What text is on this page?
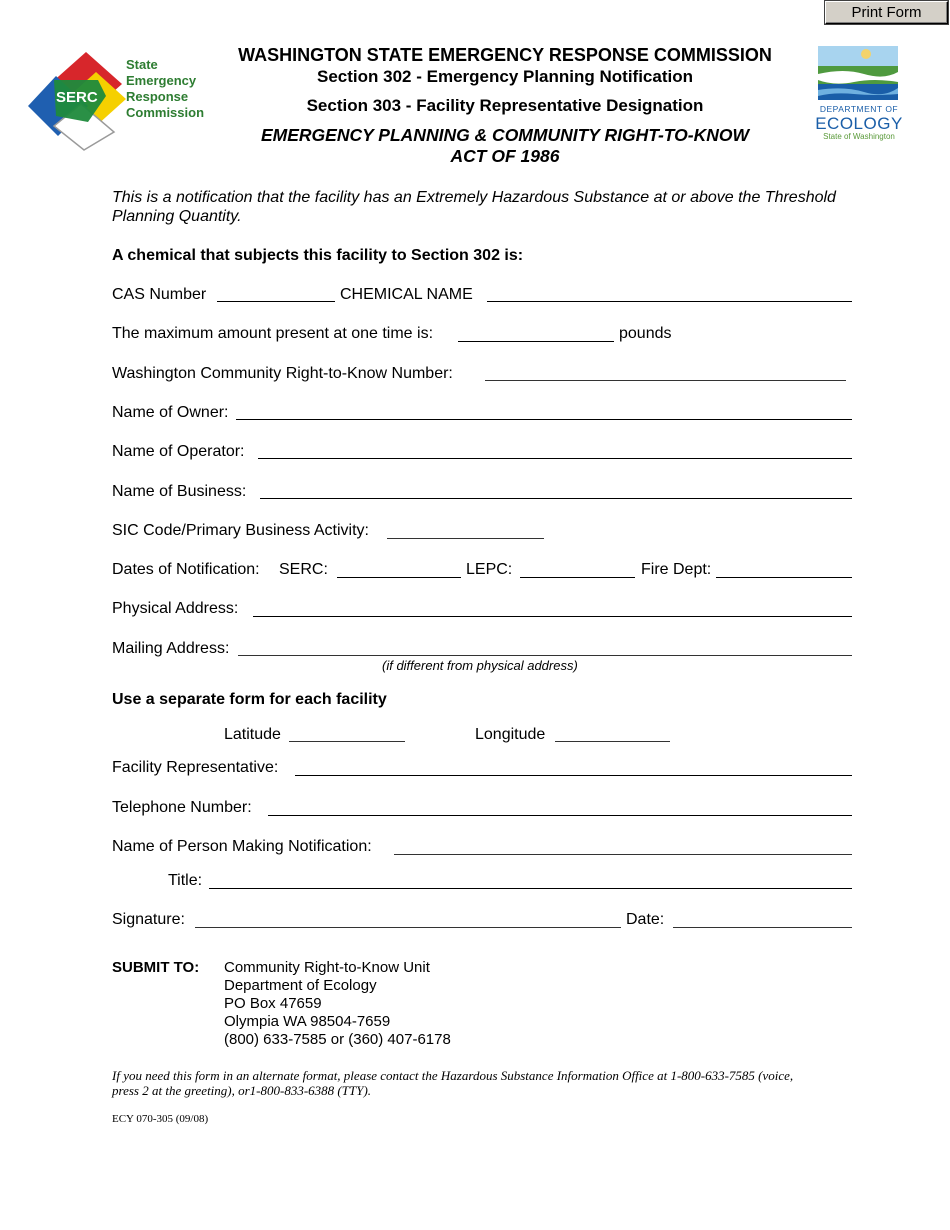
Print Form
SERC
State
Emergency
Response
Commission	DEPARTMENT OF
ECOLOGY
State of Washington
WASHINGTON STATE EMERGENCY RESPONSE COMMISSION
Section 302 - Emergency Planning Notification
Section 303 - Facility Representative Designation
EMERGENCY PLANNING & COMMUNITY RIGHT-TO-KNOW
ACT OF 1986
This is a notification that the facility has an Extremely Hazardous Substance at or above the Threshold Planning Quantity.
A chemical that subjects this facility to Section 302 is:
CAS Number	CHEMICAL NAME
The maximum amount present at one time is:	pounds
Washington Community Right-to-Know Number:
Name of Owner:
Name of Operator:
Name of Business:
SIC Code/Primary Business Activity:
Dates of Notification: SERC:	LEPC:	Fire Dept:
Physical Address:
Mailing Address:
(if different from physical address)
Use a separate form for each facility
Latitude	Longitude
Facility Representative:
Telephone Number:
Name of Person Making Notification:
Title:
Signature:	Date:
SUBMIT TO: Community Right-to-Know Unit
Department of Ecology
PO Box 47659
Olympia WA 98504-7659
(800) 633-7585 or (360) 407-6178
If you need this form in an alternate format, please contact the Hazardous Substance Information Office at 1-800-633-7585 (voice,
press 2 at the greeting), or1-800-833-6388 (TTY).
ECY 070-305 (09/08)
